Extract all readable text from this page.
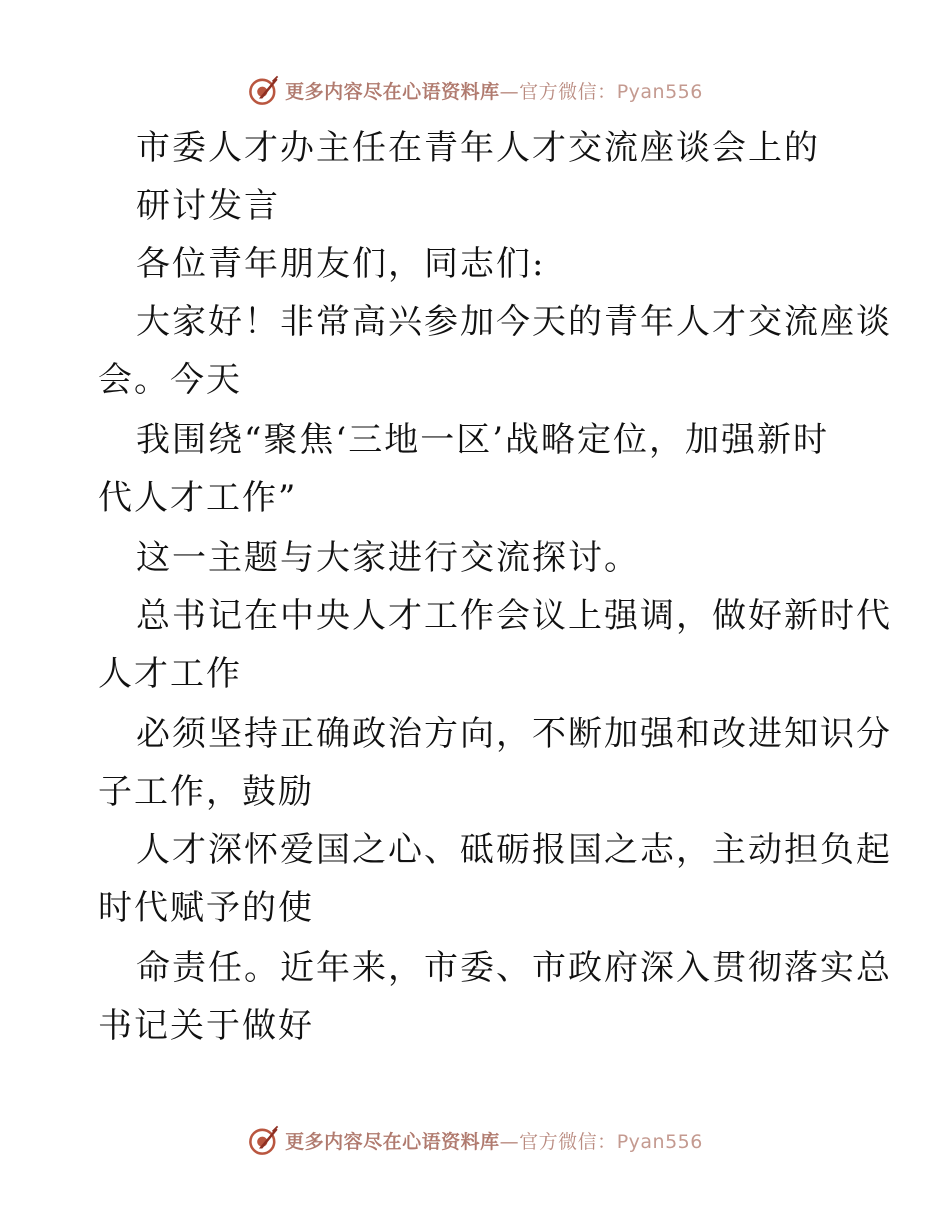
更多内容尽在心语资料库—官方微信：Pyan556
市委人才办主任在青年人才交流座谈会上的
研讨发言
各位青年朋友们，同志们:
大家好！非常高兴参加今天的青年人才交流座谈
会。今天
我围绕“聚焦‘三地一区’战略定位，加强新时
代人才工作”
这一主题与大家进行交流探讨。
总书记在中央人才工作会议上强调，做好新时代
人才工作
必须坚持正确政治方向，不断加强和改进知识分
子工作，鼓励
人才深怀爱国之心、砥砺报国之志，主动担负起
时代赋予的使
命责任。近年来，市委、市政府深入贯彻落实总
书记关于做好
更多内容尽在心语资料库—官方微信：Pyan556
